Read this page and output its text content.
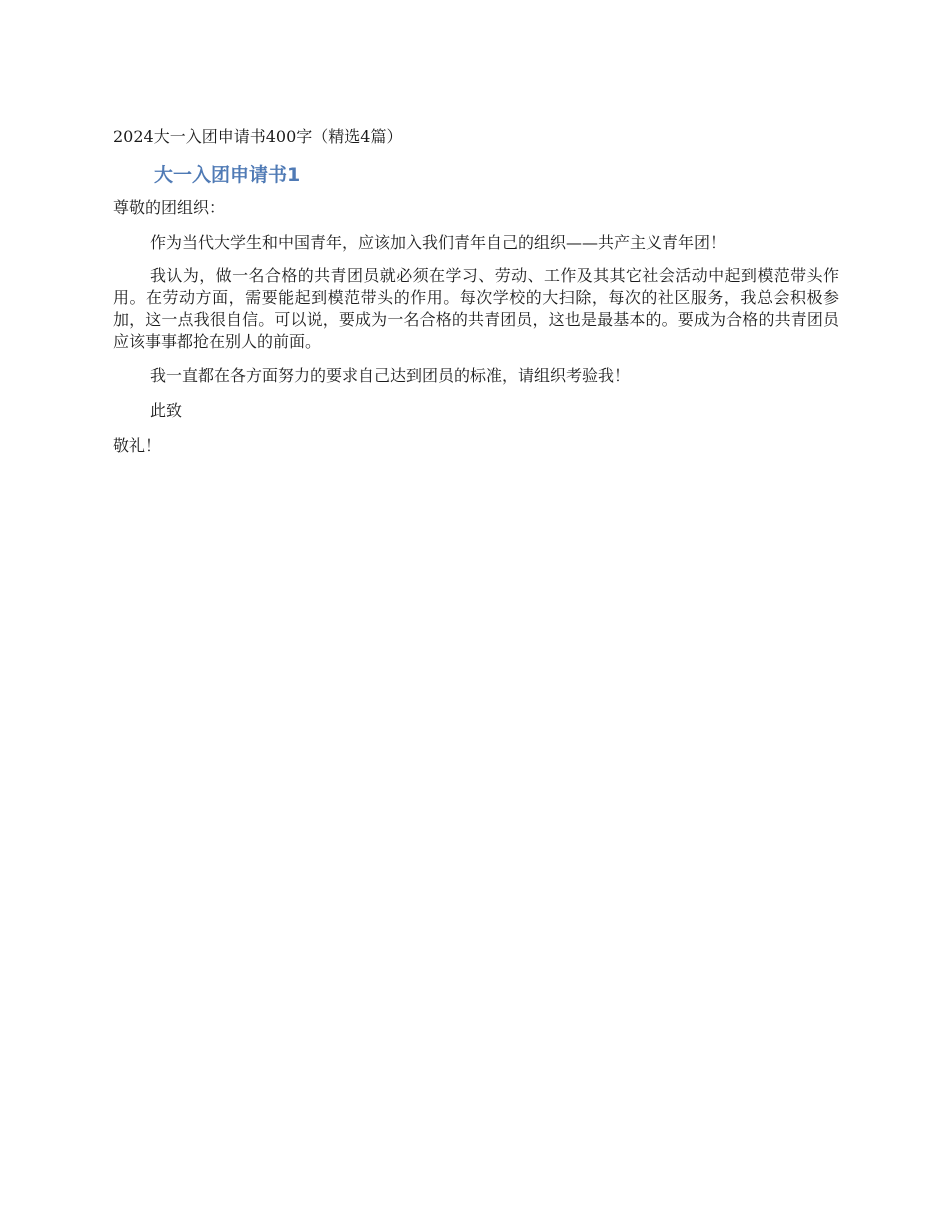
2024大一入团申请书400字（精选4篇）
大一入团申请书1

尊敬的团组织：

作为当代大学生和中国青年，应该加入我们青年自己的组织——共产主义青年团！

我认为，做一名合格的共青团员就必须在学习、劳动、工作及其其它社会活动中起到模范带头作用。在劳动方面，需要能起到模范带头的作用。每次学校的大扫除，每次的社区服务，我总会积极参加，这一点我很自信。可以说，要成为一名合格的共青团员，这也是最基本的。要成为合格的共青团员应该事事都抢在别人的前面。

我一直都在各方面努力的要求自己达到团员的标准，请组织考验我！

此致

敬礼！
